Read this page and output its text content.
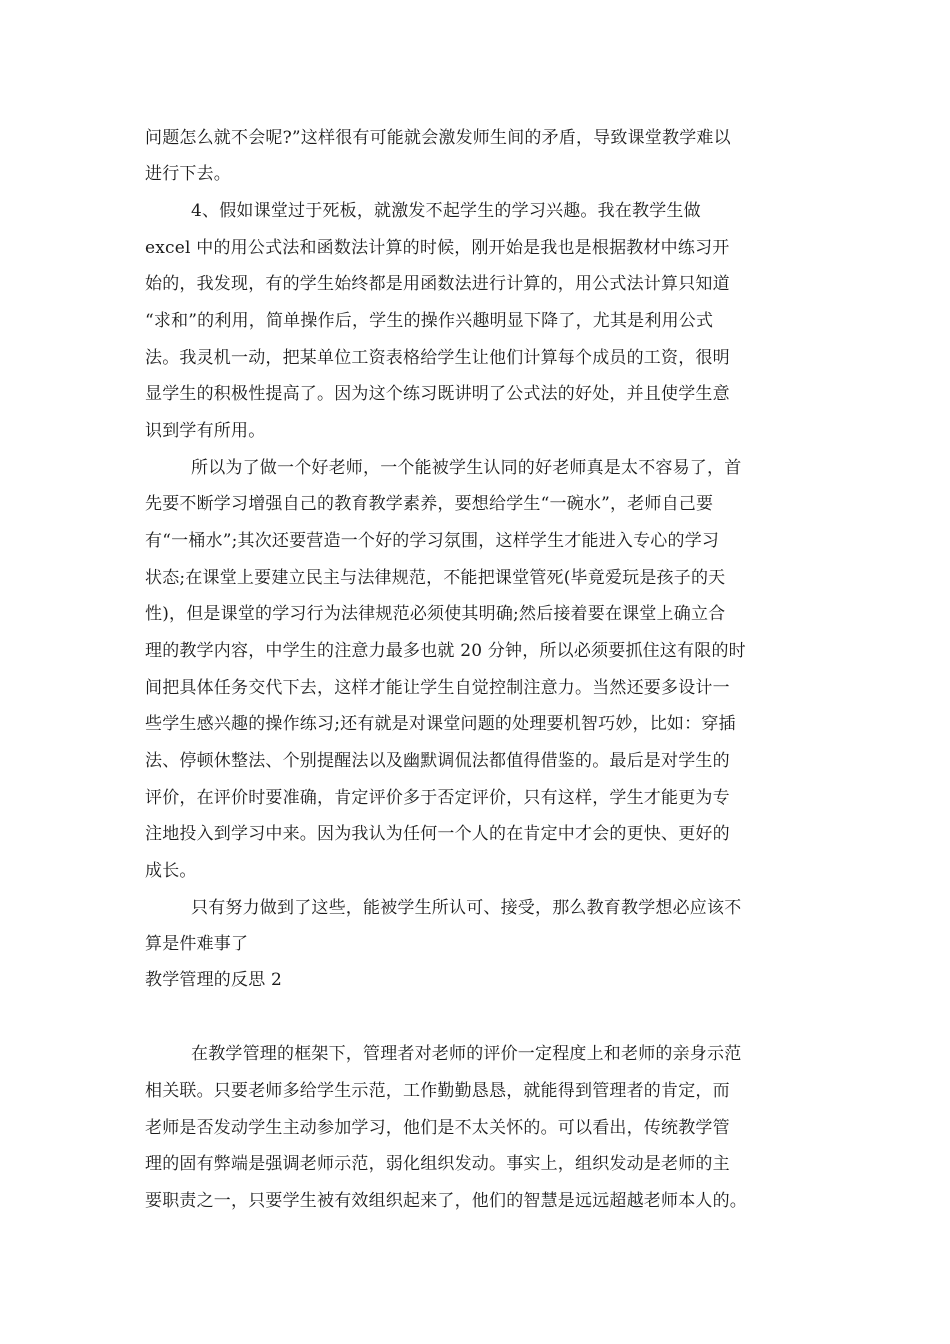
问题怎么就不会呢?”这样很有可能就会激发师生间的矛盾，导致课堂教学难以
进行下去。
4、假如课堂过于死板，就激发不起学生的学习兴趣。我在教学生做
excel 中的用公式法和函数法计算的时候，刚开始是我也是根据教材中练习开
始的，我发现，有的学生始终都是用函数法进行计算的，用公式法计算只知道
“求和”的利用，简单操作后，学生的操作兴趣明显下降了，尤其是利用公式
法。我灵机一动，把某单位工资表格给学生让他们计算每个成员的工资，很明
显学生的积极性提高了。因为这个练习既讲明了公式法的好处，并且使学生意
识到学有所用。
所以为了做一个好老师，一个能被学生认同的好老师真是太不容易了，首
先要不断学习增强自己的教育教学素养，要想给学生“一碗水”，老师自己要
有“一桶水”;其次还要营造一个好的学习氛围，这样学生才能进入专心的学习
状态;在课堂上要建立民主与法律规范，不能把课堂管死(毕竟爱玩是孩子的天
性)，但是课堂的学习行为法律规范必须使其明确;然后接着要在课堂上确立合
理的教学内容，中学生的注意力最多也就 20 分钟，所以必须要抓住这有限的时
间把具体任务交代下去，这样才能让学生自觉控制注意力。当然还要多设计一
些学生感兴趣的操作练习;还有就是对课堂问题的处理要机智巧妙，比如：穿插
法、停顿休整法、个别提醒法以及幽默调侃法都值得借鉴的。最后是对学生的
评价，在评价时要准确，肯定评价多于否定评价，只有这样，学生才能更为专
注地投入到学习中来。因为我认为任何一个人的在肯定中才会的更快、更好的
成长。
只有努力做到了这些，能被学生所认可、接受，那么教育教学想必应该不
算是件难事了
教学管理的反思 2
在教学管理的框架下，管理者对老师的评价一定程度上和老师的亲身示范
相关联。只要老师多给学生示范，工作勤勤恳恳，就能得到管理者的肯定，而
老师是否发动学生主动参加学习，他们是不太关怀的。可以看出，传统教学管
理的固有弊端是强调老师示范，弱化组织发动。事实上，组织发动是老师的主
要职责之一，只要学生被有效组织起来了，他们的智慧是远远超越老师本人的。
